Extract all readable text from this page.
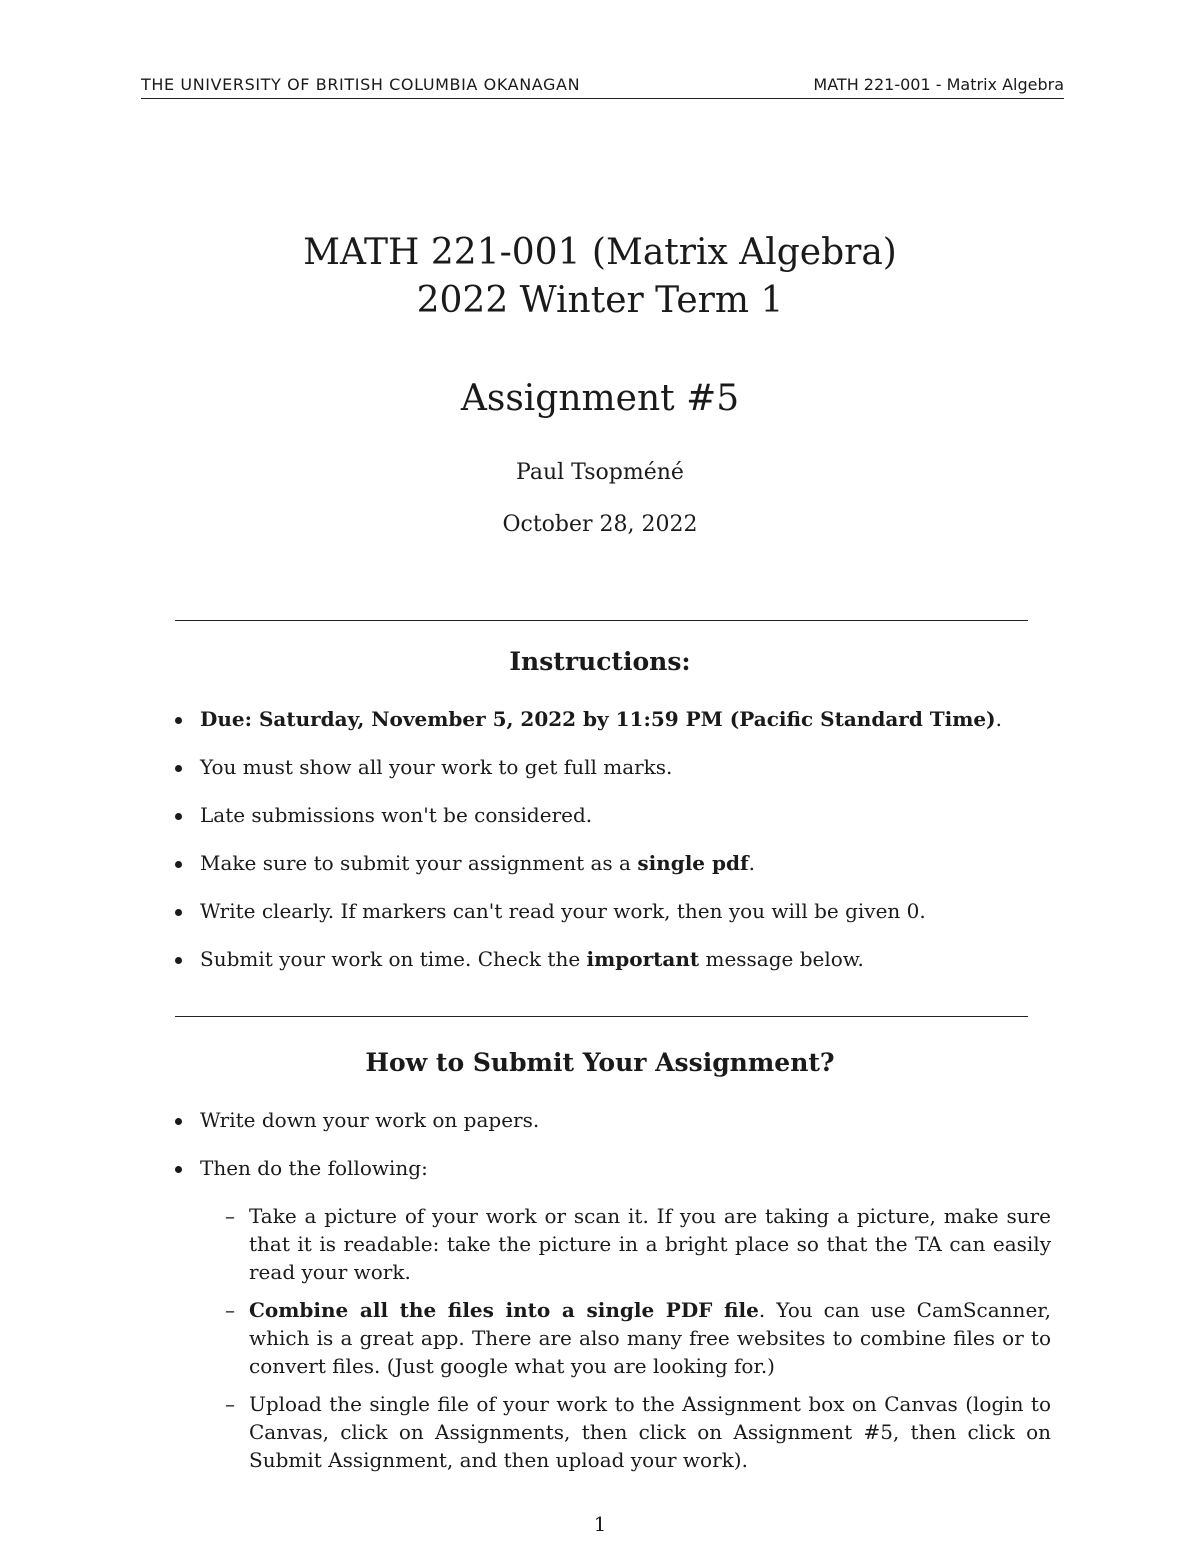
THE UNIVERSITY OF BRITISH COLUMBIA OKANAGAN	MATH 221-001 - Matrix Algebra
MATH 221-001 (Matrix Algebra)
2022 Winter Term 1
Assignment #5
Paul Tsopméné
October 28, 2022
Instructions:
Due: Saturday, November 5, 2022 by 11:59 PM (Pacific Standard Time).
You must show all your work to get full marks.
Late submissions won't be considered.
Make sure to submit your assignment as a single pdf.
Write clearly. If markers can't read your work, then you will be given 0.
Submit your work on time. Check the important message below.
How to Submit Your Assignment?
Write down your work on papers.
Then do the following:
– Take a picture of your work or scan it. If you are taking a picture, make sure that it is readable: take the picture in a bright place so that the TA can easily read your work.
– Combine all the files into a single PDF file. You can use CamScanner, which is a great app. There are also many free websites to combine files or to convert files. (Just google what you are looking for.)
– Upload the single file of your work to the Assignment box on Canvas (login to Canvas, click on Assignments, then click on Assignment #5, then click on Submit Assignment, and then upload your work).
1
